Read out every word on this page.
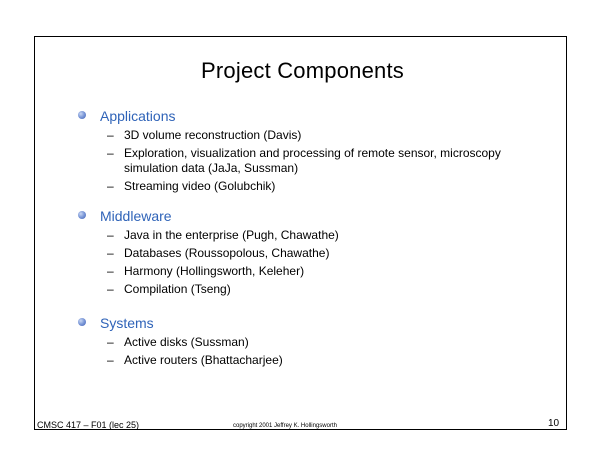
Project Components
Applications
– 3D volume reconstruction (Davis)
– Exploration, visualization and processing of remote sensor, microscopy simulation data (JaJa, Sussman)
– Streaming video (Golubchik)
Middleware
– Java in the enterprise (Pugh, Chawathe)
– Databases (Roussopolous, Chawathe)
– Harmony (Hollingsworth, Keleher)
– Compilation (Tseng)
Systems
– Active disks (Sussman)
– Active routers (Bhattacharjee)
CMSC 417 – F01 (lec 25)	copyright 2001 Jeffrey K. Hollingsworth	10
